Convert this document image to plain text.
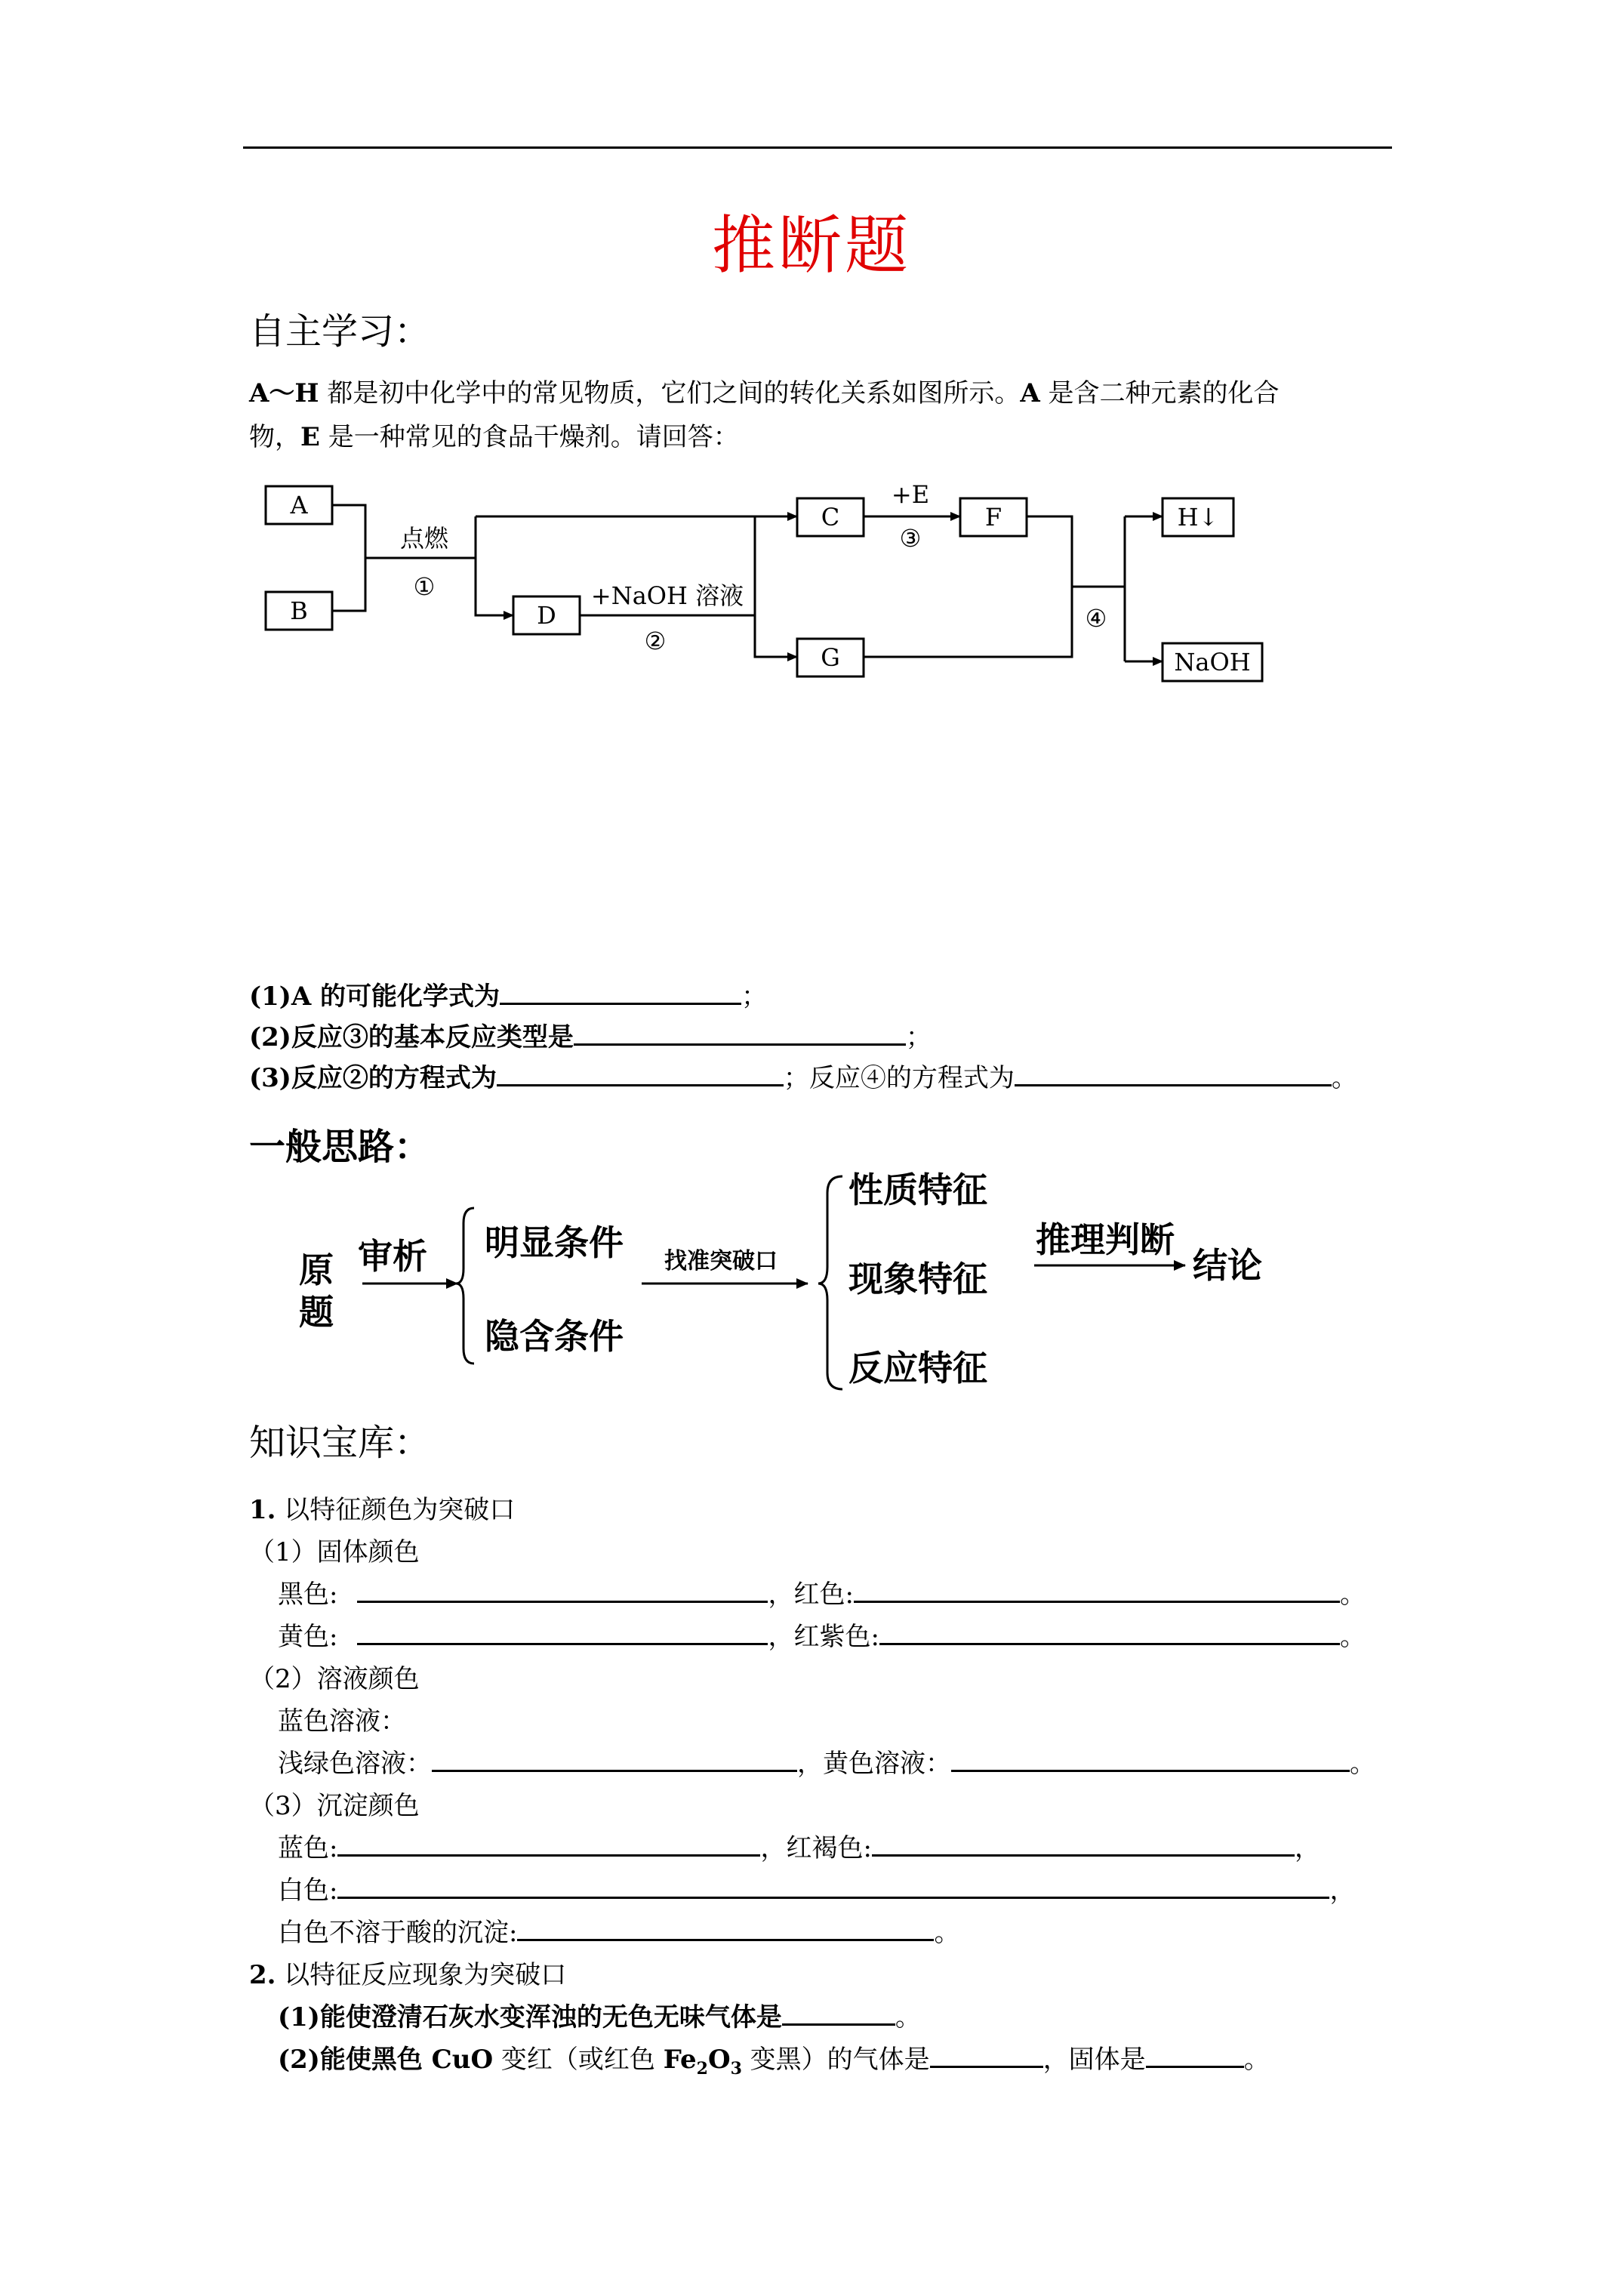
推断题
自主学习：
A～H 都是初中化学中的常见物质，它们之间的转化关系如图所示。A 是含二种元素的化合
物，E 是一种常见的食品干燥剂。请回答：
A
B	D
C	F
G
H↓
NaOH
点燃
①	+NaOH 溶液
②
+E
③
④
(1)A 的可能化学式为	；
(2)反应③的基本反应类型是	；
(3)反应②的方程式为	；反应④的方程式为	。
一般思路：
原
题
审析 明显条件
隐含条件
性质特征
现象特征
反应特征
推理判断
结论
找准突破口
知识宝库：
1. 以特征颜色为突破口
（1）固体颜色
黑色:	，红色:	。
黄色:	，红紫色:	。
（2）溶液颜色
蓝色溶液：
浅绿色溶液：	，黄色溶液：	。
（3）沉淀颜色
蓝色:	，红褐色:	，
白色:	，
白色不溶于酸的沉淀:	。
2. 以特征反应现象为突破口
(1)能使澄清石灰水变浑浊的无色无味气体是	。
(2)能使黑色 CuO 变红（或红色 $Fe_2O_3$ 变黑）的气体是	，固体是	。
